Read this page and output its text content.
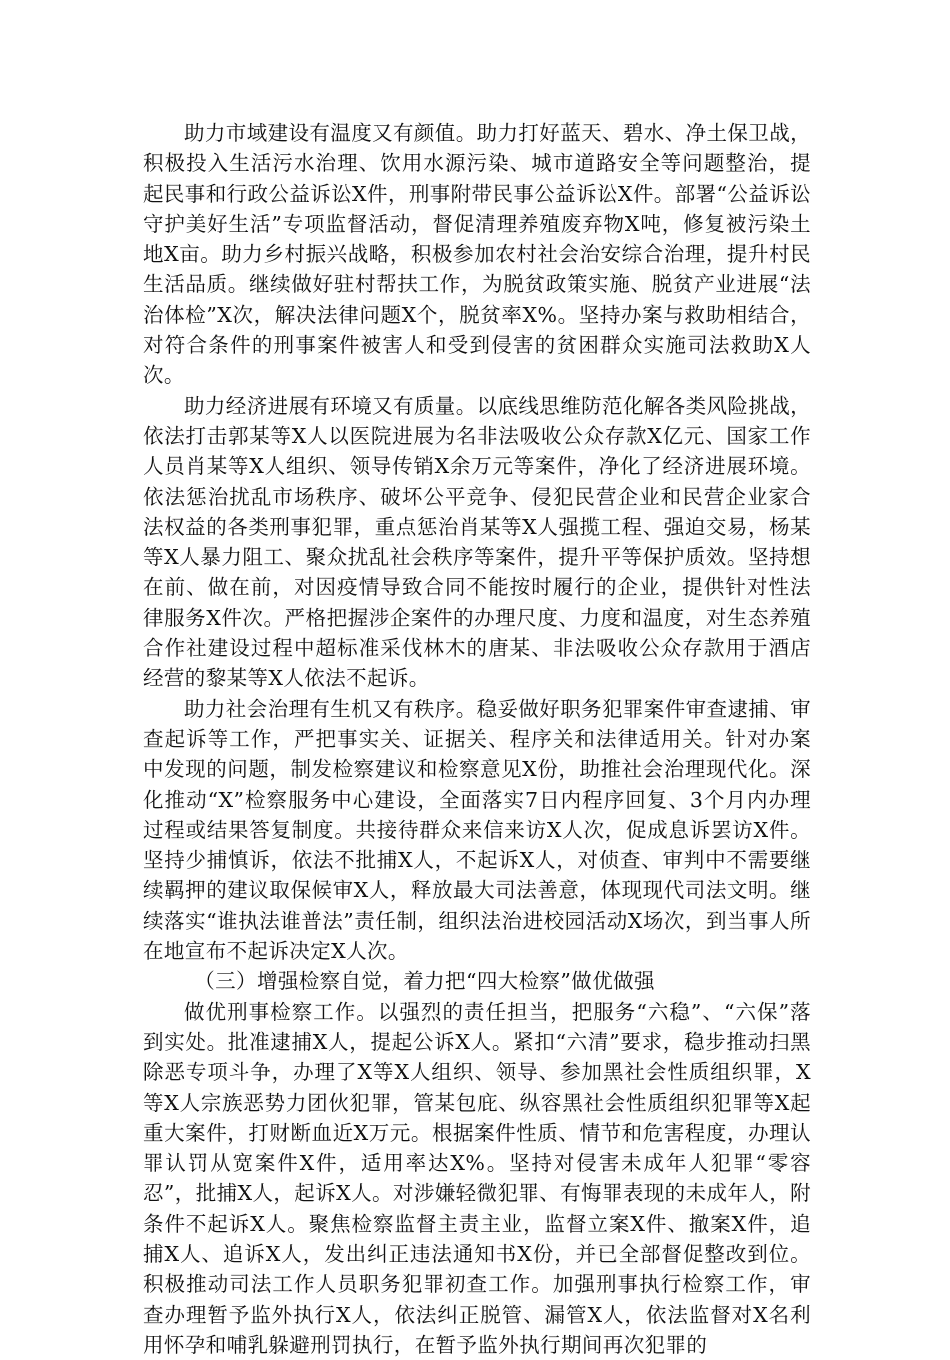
助力市域建设有温度又有颜值。助力打好蓝天、碧水、净土保卫战，积极投入生活污水治理、饮用水源污染、城市道路安全等问题整治，提起民事和行政公益诉讼X件，刑事附带民事公益诉讼X件。部署“公益诉讼守护美好生活”专项监督活动，督促清理养殖废弃物X吨，修复被污染土地X亩。助力乡村振兴战略，积极参加农村社会治安综合治理，提升村民生活品质。继续做好驻村帮扶工作，为脱贫政策实施、脱贫产业进展“法治体检”X次，解决法律问题X个，脱贫率X%。坚持办案与救助相结合，对符合条件的刑事案件被害人和受到侵害的贫困群众实施司法救助X人次。

助力经济进展有环境又有质量。以底线思维防范化解各类风险挑战，依法打击郭某等X人以医院进展为名非法吸收公众存款X亿元、国家工作人员肖某等X人组织、领导传销X余万元等案件，净化了经济进展环境。依法惩治扰乱市场秩序、破坏公平竞争、侵犯民营企业和民营企业家合法权益的各类刑事犯罪，重点惩治肖某等X人强揽工程、强迫交易，杨某等X人暴力阻工、聚众扰乱社会秩序等案件，提升平等保护质效。坚持想在前、做在前，对因疫情导致合同不能按时履行的企业，提供针对性法律服务X件次。严格把握涉企案件的办理尺度、力度和温度，对生态养殖合作社建设过程中超标准采伐林木的唐某、非法吸收公众存款用于酒店经营的黎某等X人依法不起诉。

助力社会治理有生机又有秩序。稳妥做好职务犯罪案件审查逮捕、审查起诉等工作，严把事实关、证据关、程序关和法律适用关。针对办案中发现的问题，制发检察建议和检察意见X份，助推社会治理现代化。深化推动“X”检察服务中心建设，全面落实7日内程序回复、3个月内办理过程或结果答复制度。共接待群众来信来访X人次，促成息诉罢访X件。坚持少捕慎诉，依法不批捕X人，不起诉X人，对侦查、审判中不需要继续羁押的建议取保候审X人，释放最大司法善意，体现现代司法文明。继续落实“谁执法谁普法”责任制，组织法治进校园活动X场次，到当事人所在地宣布不起诉决定X人次。

（三）增强检察自觉，着力把“四大检察”做优做强

做优刑事检察工作。以强烈的责任担当，把服务“六稳”、“六保”落到实处。批准逮捕X人，提起公诉X人。紧扣“六清”要求，稳步推动扫黑除恶专项斗争，办理了X等X人组织、领导、参加黑社会性质组织罪，X等X人宗族恶势力团伙犯罪，管某包庇、纵容黑社会性质组织犯罪等X起重大案件，打财断血近X万元。根据案件性质、情节和危害程度，办理认罪认罚从宽案件X件，适用率达X%。坚持对侵害未成年人犯罪“零容忍”，批捕X人，起诉X人。对涉嫌轻微犯罪、有悔罪表现的未成年人，附条件不起诉X人。聚焦检察监督主责主业，监督立案X件、撤案X件，追捕X人、追诉X人，发出纠正违法通知书X份，并已全部督促整改到位。积极推动司法工作人员职务犯罪初查工作。加强刑事执行检察工作，审查办理暂予监外执行X人，依法纠正脱管、漏管X人，依法监督对X名利用怀孕和哺乳躲避刑罚执行，在暂予监外执行期间再次犯罪的
